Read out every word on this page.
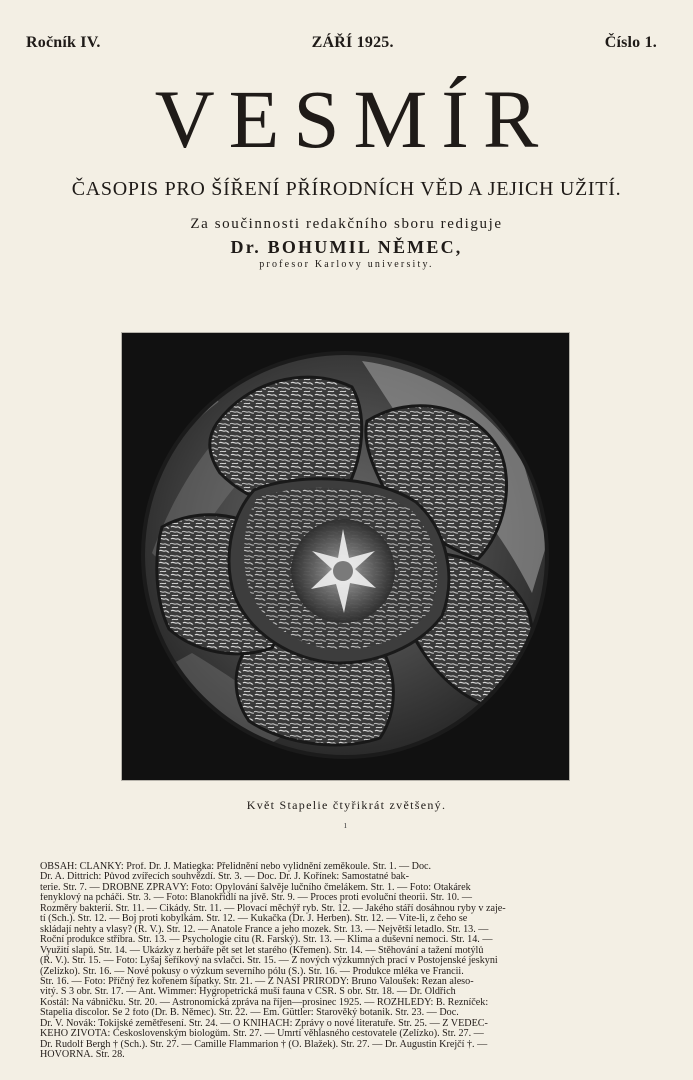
Ročník IV.	ZÁŘÍ 1925.	Číslo 1.
VESMÍR
ČASOPIS PRO ŠÍŘENÍ PŘÍRODNÍCH VĚD A JEJICH UŽITÍ.
Za součinnosti redakčního sboru rediguje
Dr. BOHUMIL NĚMEC,
profesor Karlovy university.
Květ Stapelie čtyřikrát zvětšený.
ı
OBSAH: ČLÁNKY: Prof. Dr. J. Matiegka: Přelidnění nebo vylidnění zeměkoule. Str. 1. — Doc.
Dr. A. Dittrich: Původ zvířecích souhvězdí. Str. 3. — Doc. Dr. J. Kořínek: Samostatné bak-
terie. Str. 7. — DROBNÉ ZPRÁVY: Foto: Opylování šalvěje lučního čmelákem. Str. 1. — Foto: Otakárek
fenyklový na pcháči. Str. 3. — Foto: Blanokřídlí na jívě. Str. 9. — Proces proti evoluční theorii. Str. 10. —
Rozměry bakterií. Str. 11. — Cikády. Str. 11. — Plovací měchýř ryb. Str. 12. — Jakého stáří dosáhnou ryby v zaje-
tí (Sch.). Str. 12. — Boj proti kobylkám. Str. 12. — Kukačka (Dr. J. Herben). Str. 12. — Víte-li, z čeho se
skládají nehty a vlasy? (R. V.). Str. 12. — Anatole France a jeho mozek. Str. 13. — Největší letadlo. Str. 13. —
Roční produkce stříbra. Str. 13. — Psychologie citu (R. Farský). Str. 13. — Klima a duševní nemoci. Str. 14. —
Využití slapů. Str. 14. — Ukázky z herbáře pět set let starého (Křemen). Str. 14. — Stěhování a tažení motýlů
(R. V.). Str. 15. — Foto: Lyšaj šeříkový na svlačci. Str. 15. — Z nových výzkumných prací v Postojenské jeskyni
(Želízko). Str. 16. — Nové pokusy o výzkum severního pólu (S.). Str. 16. — Produkce mléka ve Francii.
Str. 16. — Foto: Příčný řez kořenem šípatky. Str. 21. — Z NAŠÍ PŘÍRODY: Bruno Valoušek: Rezan aleso-
vitý. S 3 obr. Str. 17. — Ant. Wimmer: Hygropetrická muší fauna v ČSR. S obr. Str. 18. — Dr. Oldřich
Kostál: Na vábničku. Str. 20. — Astronomická zpráva na říjen—prosinec 1925. — ROZHLEDY: B. Řezníček:
Stapelia discolor. Se 2 foto (Dr. B. Němec). Str. 22. — Em. Güttler: Starověký botanik. Str. 23. — Doc.
Dr. V. Novák: Tokijské zemětřesení. Str. 24. — O KNIHÁCH: Zprávy o nové literatuře. Str. 25. — Z VĚDEC-
KÉHO ŽIVOTA: Československým biologům. Str. 27. — Úmrtí věhlasného cestovatele (Želízko). Str. 27. —
Dr. Rudolf Bergh † (Sch.). Str. 27. — Camille Flammarion † (O. Blažek). Str. 27. — Dr. Augustin Krejčí †. —
HOVORNA. Str. 28.
